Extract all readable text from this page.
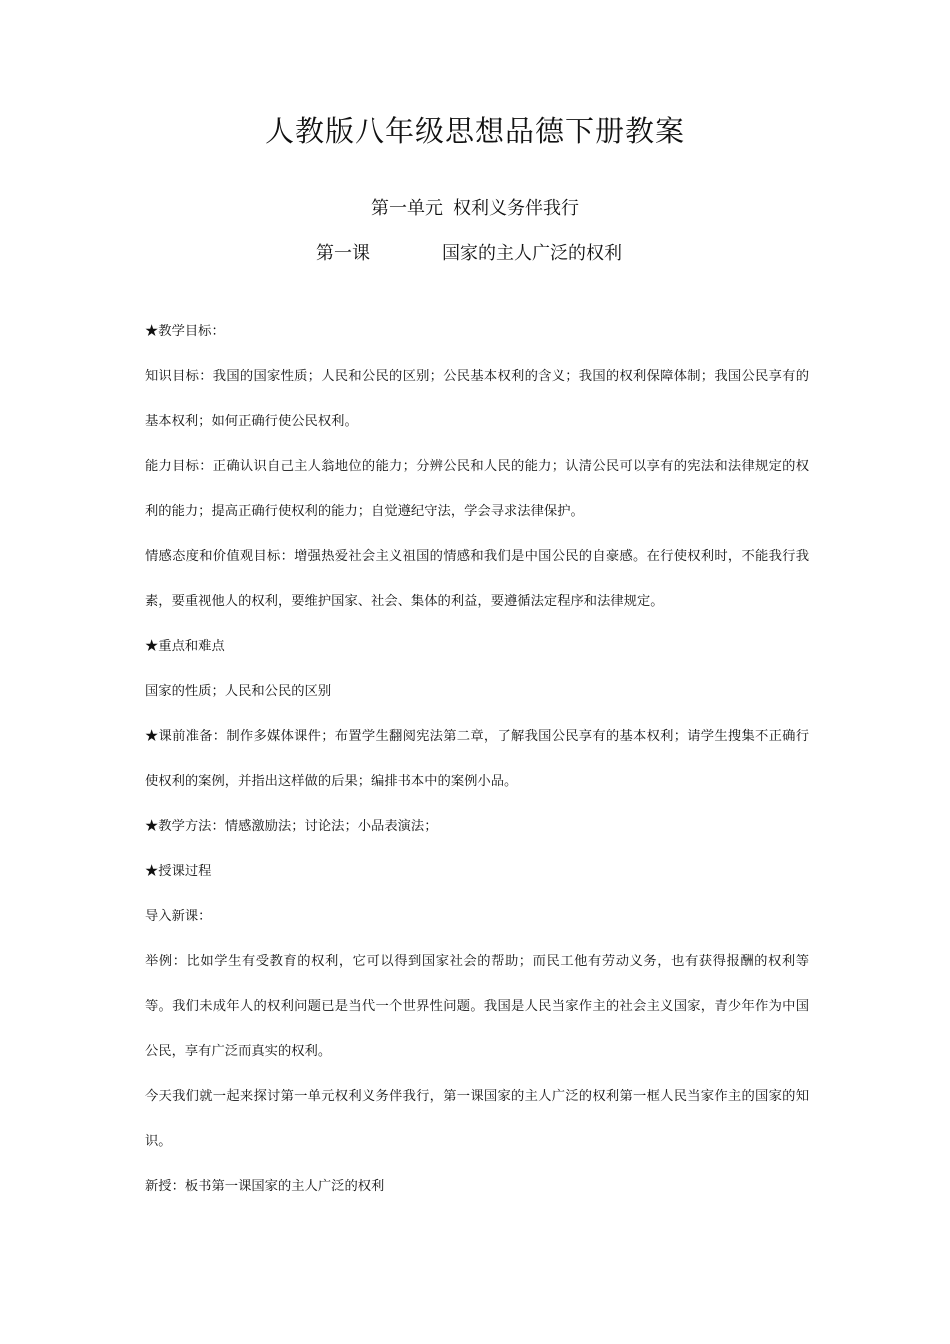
人教版八年级思想品德下册教案
第一单元 权利义务伴我行
第一课	国家的主人广泛的权利

★教学目标：

知识目标：我国的国家性质；人民和公民的区别；公民基本权利的含义；我国的权利保障体制；我国公民享有的基本权利；如何正确行使公民权利。

能力目标：正确认识自己主人翁地位的能力；分辨公民和人民的能力；认清公民可以享有的宪法和法律规定的权利的能力；提高正确行使权利的能力；自觉遵纪守法，学会寻求法律保护。

情感态度和价值观目标：增强热爱社会主义祖国的情感和我们是中国公民的自豪感。在行使权利时，不能我行我素，要重视他人的权利，要维护国家、社会、集体的利益，要遵循法定程序和法律规定。

★重点和难点

国家的性质；人民和公民的区别

★课前准备：制作多媒体课件；布置学生翻阅宪法第二章，了解我国公民享有的基本权利；请学生搜集不正确行使权利的案例，并指出这样做的后果；编排书本中的案例小品。

★教学方法：情感激励法；讨论法；小品表演法；

★授课过程

导入新课：

举例：比如学生有受教育的权利，它可以得到国家社会的帮助；而民工他有劳动义务，也有获得报酬的权利等等。我们未成年人的权利问题已是当代一个世界性问题。我国是人民当家作主的社会主义国家，青少年作为中国公民，享有广泛而真实的权利。

今天我们就一起来探讨第一单元权利义务伴我行，第一课国家的主人广泛的权利第一框人民当家作主的国家的知识。

新授：板书第一课国家的主人广泛的权利
